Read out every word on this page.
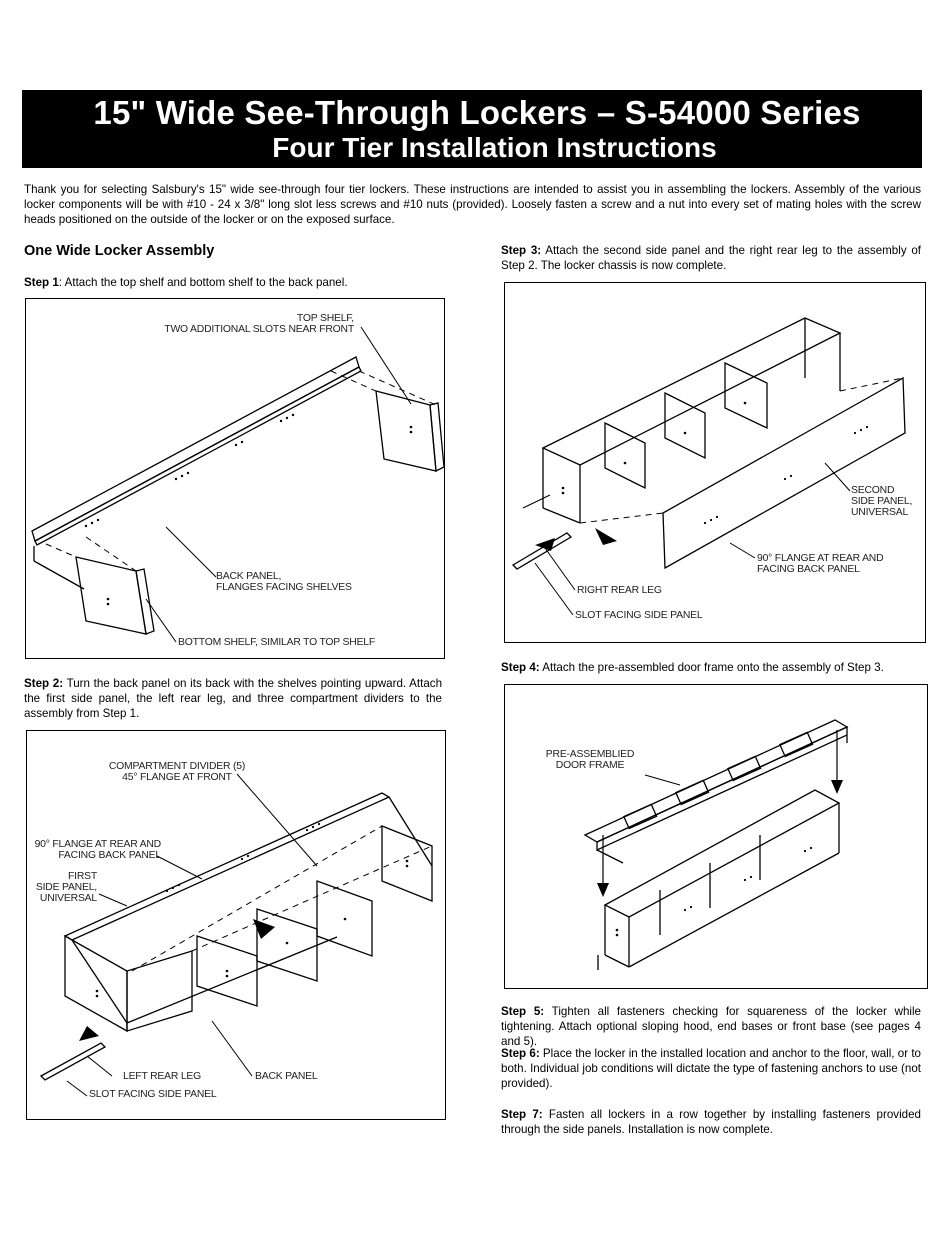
15" Wide See-Through Lockers – S-54000 Series
Four Tier Installation Instructions
Thank you for selecting Salsbury's 15" wide see-through four tier lockers. These instructions are intended to assist you in assembling the lockers. Assembly of the various locker components will be with #10 - 24 x 3/8" long slot less screws and #10 nuts (provided). Loosely fasten a screw and a nut into every set of mating holes with the screw heads positioned on the outside of the locker or on the exposed surface.
One Wide Locker Assembly
Step 1: Attach the top shelf and bottom shelf to the back panel.
TOP SHELF,
TWO ADDITIONAL SLOTS NEAR FRONT
BACK PANEL,
FLANGES FACING SHELVES
BOTTOM SHELF, SIMILAR TO TOP SHELF
Step 2: Turn the back panel on its back with the shelves pointing upward. Attach the first side panel, the left rear leg, and three compartment dividers to the assembly from Step 1.
COMPARTMENT DIVIDER (5)
45° FLANGE AT FRONT
90° FLANGE AT REAR AND
FACING BACK PANEL
FIRST
SIDE PANEL,
UNIVERSAL
LEFT REAR LEG	BACK PANEL
SLOT FACING SIDE PANEL
Step 3: Attach the second side panel and the right rear leg to the assembly of Step 2. The locker chassis is now complete.
SECOND
SIDE PANEL,
UNIVERSAL
90° FLANGE AT REAR AND
FACING BACK PANEL
RIGHT REAR LEG
SLOT FACING SIDE PANEL
Step 4: Attach the pre-assembled door frame onto the assembly of Step 3.
PRE-ASSEMBLIED
DOOR FRAME
Step 5: Tighten all fasteners checking for squareness of the locker while tightening. Attach optional sloping hood, end bases or front base (see pages 4 and 5).
Step 6: Place the locker in the installed location and anchor to the floor, wall, or to both. Individual job conditions will dictate the type of fastening anchors to use (not provided).
Step 7: Fasten all lockers in a row together by installing fasteners provided through the side panels. Installation is now complete.
